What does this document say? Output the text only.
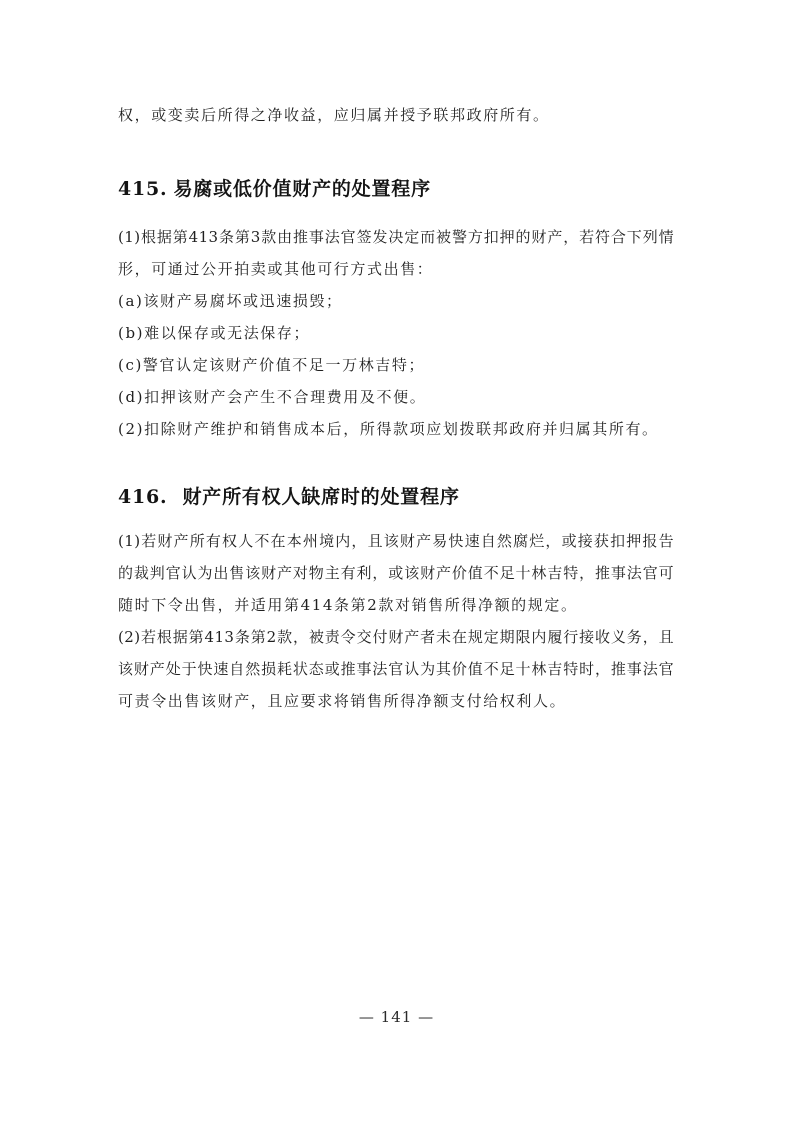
权，或变卖后所得之净收益，应归属并授予联邦政府所有。
415. 易腐或低价值财产的处置程序
(1)根据第413条第3款由推事法官签发决定而被警方扣押的财产，若符合下列情
形，可通过公开拍卖或其他可行方式出售：
(a)该财产易腐坏或迅速损毁；
(b)难以保存或无法保存；
(c)警官认定该财产价值不足一万林吉特；
(d)扣押该财产会产生不合理费用及不便。
(2)扣除财产维护和销售成本后，所得款项应划拨联邦政府并归属其所有。
416. 财产所有权人缺席时的处置程序
(1)若财产所有权人不在本州境内，且该财产易快速自然腐烂，或接获扣押报告
的裁判官认为出售该财产对物主有利，或该财产价值不足十林吉特，推事法官可
随时下令出售，并适用第414条第2款对销售所得净额的规定。
(2)若根据第413条第2款，被责令交付财产者未在规定期限内履行接收义务，且
该财产处于快速自然损耗状态或推事法官认为其价值不足十林吉特时，推事法官
可责令出售该财产，且应要求将销售所得净额支付给权利人。
— 141 —
